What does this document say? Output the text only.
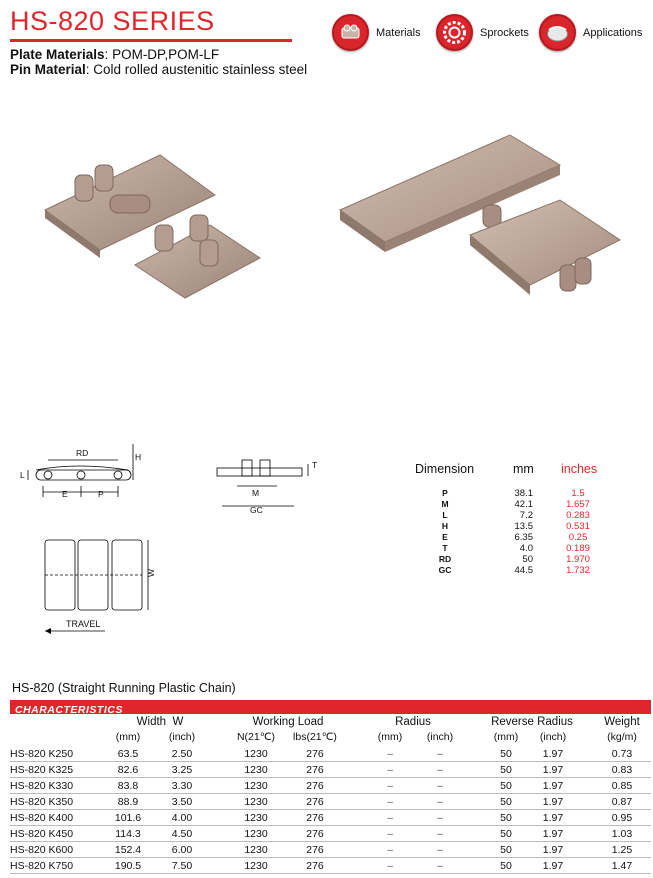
HS-820 SERIES
Plate Materials: POM-DP,POM-LF
Pin Material: Cold rolled austenitic stainless steel
Materials	Sprockets	Applications
RD	H
L
E	P	M
GC
T
W
TRAVEL
Dimension	mm inches
P	38.1	1.5
M	42.1	1.657
L	7.2	0.283
H	13.5	0.531
E	6.35	0.25
T	4.0	0.189
RD	50	1.970
GC	44.5	1.732
HS-820 (Straight Running Plastic Chain)
CHARACTERISTICS
Width W	Working Load	Radius	Reverse Radius	Weight
(mm)	(inch)	N(21℃)	lbs(21℃)	(mm)	(inch)	(mm)	(inch)	(kg/m)
HS-820 K250	63.5	2.50	1230	276	–	–	50	1.97	0.73
HS-820 K325	82.6	3.25	1230	276	–	–	50	1.97	0.83
HS-820 K330	83.8	3.30	1230	276	–	–	50	1.97	0.85
HS-820 K350	88.9	3.50	1230	276	–	–	50	1.97	0.87
HS-820 K400	101.6	4.00	1230	276	–	–	50	1.97	0.95
HS-820 K450	114.3	4.50	1230	276	–	–	50	1.97	1.03
HS-820 K600	152.4	6.00	1230	276	–	–	50	1.97	1.25
HS-820 K750	190.5	7.50	1230	276	–	–	50	1.97	1.47
